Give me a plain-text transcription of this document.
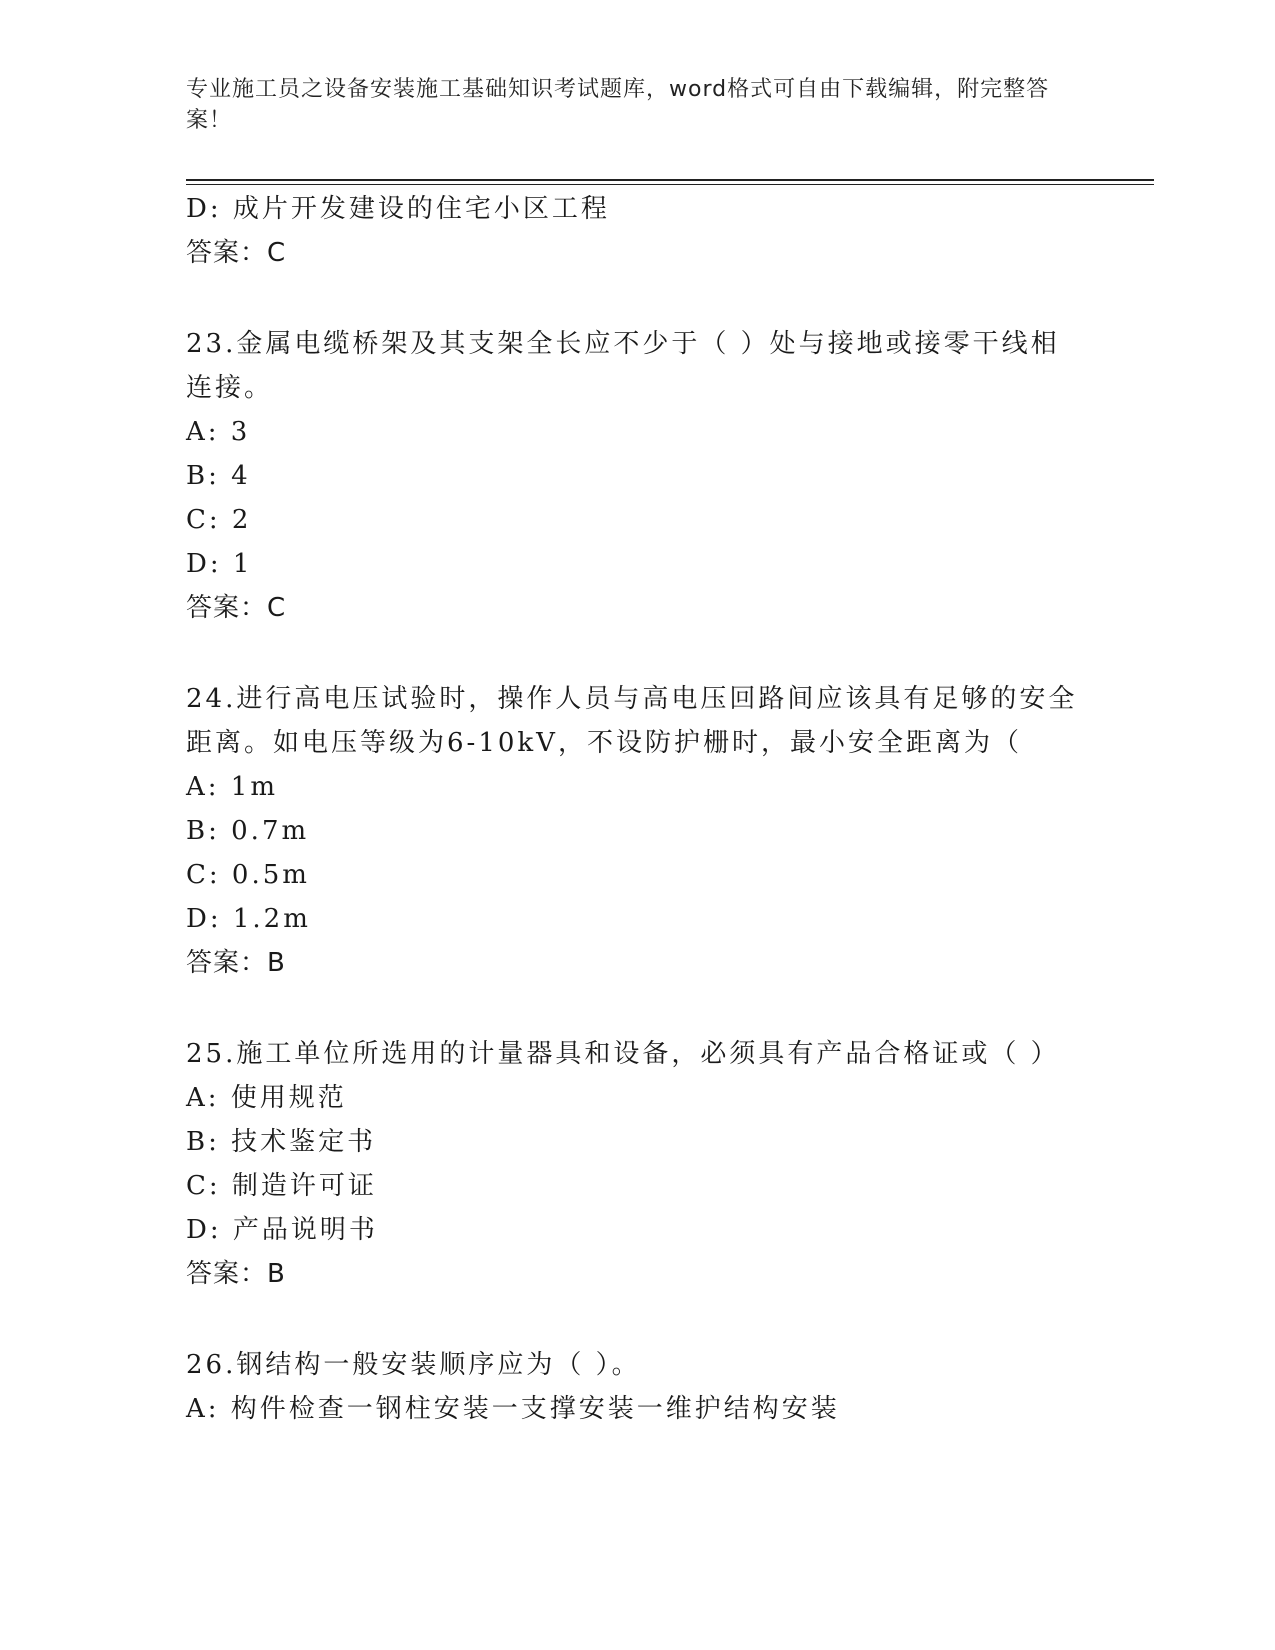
专业施工员之设备安装施工基础知识考试题库，word格式可自由下载编辑，附完整答案！
D: 成片开发建设的住宅小区工程
答案：C
23.金属电缆桥架及其支架全长应不少于（ ）处与接地或接零干线相
连接。
A: 3
B: 4
C: 2
D: 1
答案：C
24.进行高电压试验时，操作人员与高电压回路间应该具有足够的安全
距离。如电压等级为6-10kV，不设防护栅时，最小安全距离为（
A: 1m
B: 0.7m
C: 0.5m
D: 1.2m
答案：B
25.施工单位所选用的计量器具和设备，必须具有产品合格证或（ ）
A: 使用规范
B: 技术鉴定书
C: 制造许可证
D: 产品说明书
答案：B
26.钢结构一般安装顺序应为（ ）。
A: 构件检查一钢柱安装一支撑安装一维护结构安装
